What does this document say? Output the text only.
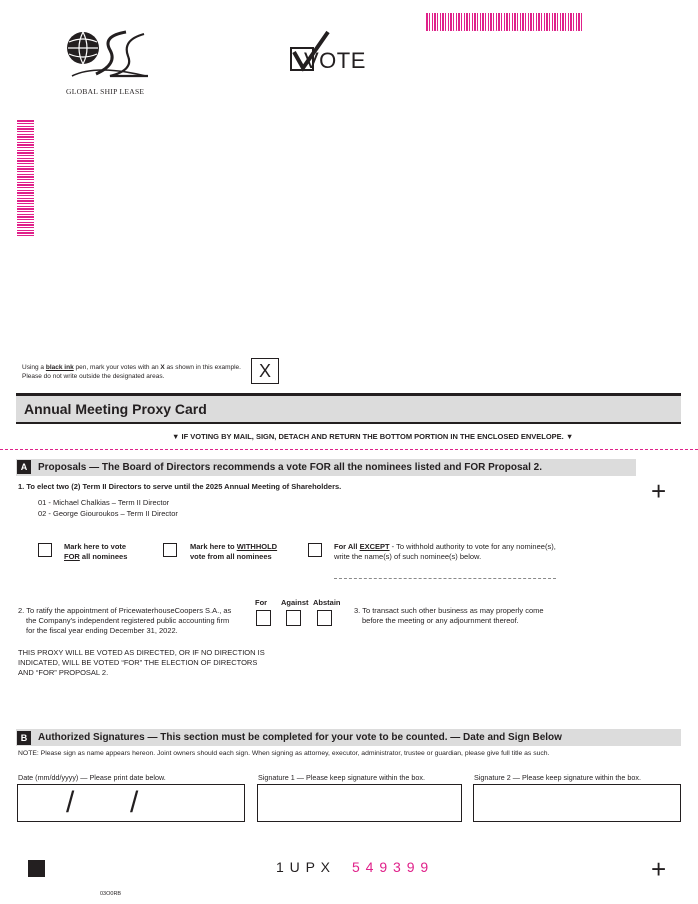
GLOBAL SHIP LEASE
VOTE
Using a black ink pen, mark your votes with an X as shown in this example.
Please do not write outside the designated areas.	X
Annual Meeting Proxy Card
▼ IF VOTING BY MAIL, SIGN, DETACH AND RETURN THE BOTTOM PORTION IN THE ENCLOSED ENVELOPE. ▼
A	Proposals — The Board of Directors recommends a vote FOR all the nominees listed and FOR Proposal 2.
+
1. To elect two (2) Term II Directors to serve until the 2025 Annual Meeting of Shareholders.
01 - Michael Chalkias – Term II Director
02 - George Giouroukos – Term II Director
Mark here to vote
FOR all nominees
Mark here to WITHHOLD
vote from all nominees
For All EXCEPT - To withhold authority to vote for any nominee(s),
write the name(s) of such nominee(s) below.
For Against Abstain
2. To ratify the appointment of PricewaterhouseCoopers S.A., as
the Company's independent registered public accounting firm
for the fiscal year ending December 31, 2022.
3. To transact such other business as may properly come
before the meeting or any adjournment thereof.
THIS PROXY WILL BE VOTED AS DIRECTED, OR IF NO DIRECTION IS
INDICATED, WILL BE VOTED “FOR” THE ELECTION OF DIRECTORS
AND “FOR” PROPOSAL 2.
B	Authorized Signatures — This section must be completed for your vote to be counted. — Date and Sign Below
NOTE: Please sign as name appears hereon. Joint owners should each sign. When signing as attorney, executor, administrator, trustee or guardian, please give full title as such.
Date (mm/dd/yyyy) — Please print date below.	Signature 1 — Please keep signature within the box.	Signature 2 — Please keep signature within the box.
/ /
1 U P X 5 4 9 3 9 9	+
03O0RB
